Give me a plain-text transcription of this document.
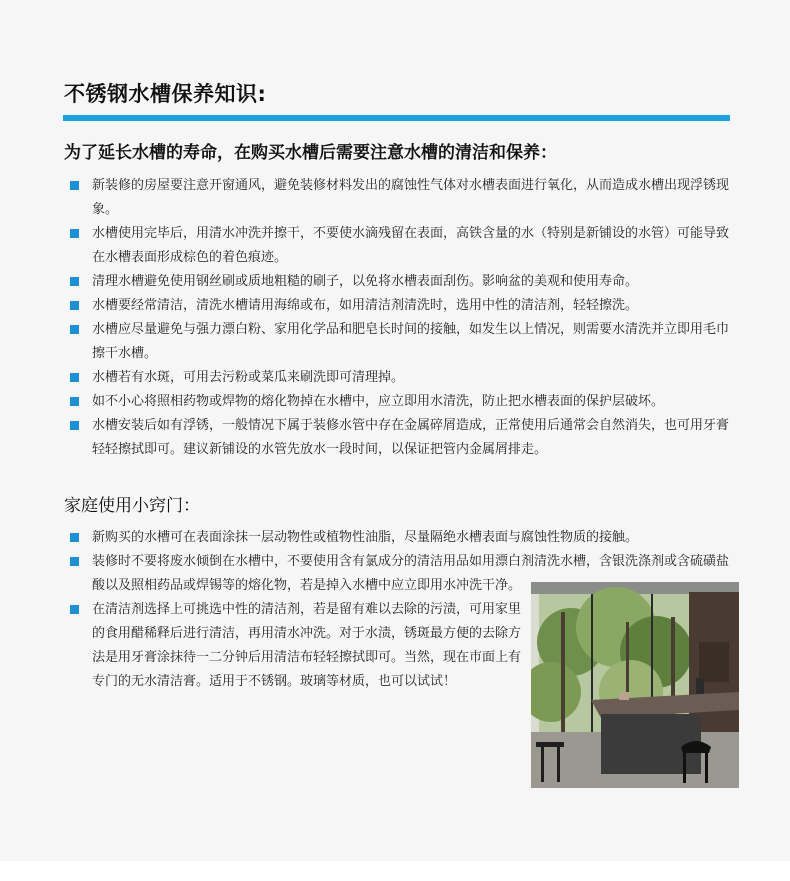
不锈钢水槽保养知识:
为了延长水槽的寿命，在购买水槽后需要注意水槽的清洁和保养：
新装修的房屋要注意开窗通风，避免装修材料发出的腐蚀性气体对水槽表面进行氧化，从而造成水槽出现浮锈现象。
水槽使用完毕后，用清水冲洗并擦干，不要使水滴残留在表面，高铁含量的水（特别是新铺设的水管）可能导致在水槽表面形成棕色的着色痕迹。
清理水槽避免使用钢丝刷或质地粗糙的刷子，以免将水槽表面刮伤。影响盆的美观和使用寿命。
水槽要经常清洁，清洗水槽请用海绵或布，如用清洁剂清洗时，选用中性的清洁剂，轻轻擦洗。
水槽应尽量避免与强力漂白粉、家用化学品和肥皂长时间的接触，如发生以上情况，则需要水清洗并立即用毛巾擦干水槽。
水槽若有水斑，可用去污粉或菜瓜来刷洗即可清理掉。
如不小心将照相药物或焊物的熔化物掉在水槽中，应立即用水清洗，防止把水槽表面的保护层破坏。
水槽安装后如有浮锈，一般情况下属于装修水管中存在金属碎屑造成，正常使用后通常会自然消失，也可用牙膏轻轻擦拭即可。建议新铺设的水管先放水一段时间，以保证把管内金属屑排走。
家庭使用小窍门：
新购买的水槽可在表面涂抹一层动物性或植物性油脂，尽量隔绝水槽表面与腐蚀性物质的接触。
装修时不要将废水倾倒在水槽中，不要使用含有氯成分的清洁用品如用漂白剂清洗水槽，含银洗涤剂或含硫磺盐酸以及照相药品或焊锡等的熔化物，若是掉入水槽中应立即用水冲洗干净。
在清洁剂选择上可挑选中性的清洁剂，若是留有难以去除的污渍，可用家里的食用醋稀释后进行清洁，再用清水冲洗。对于水渍，锈斑最方便的去除方法是用牙膏涂抹待一二分钟后用清洁布轻轻擦拭即可。当然，现在市面上有专门的无水清洁膏。适用于不锈钢。玻璃等材质，也可以试试！
